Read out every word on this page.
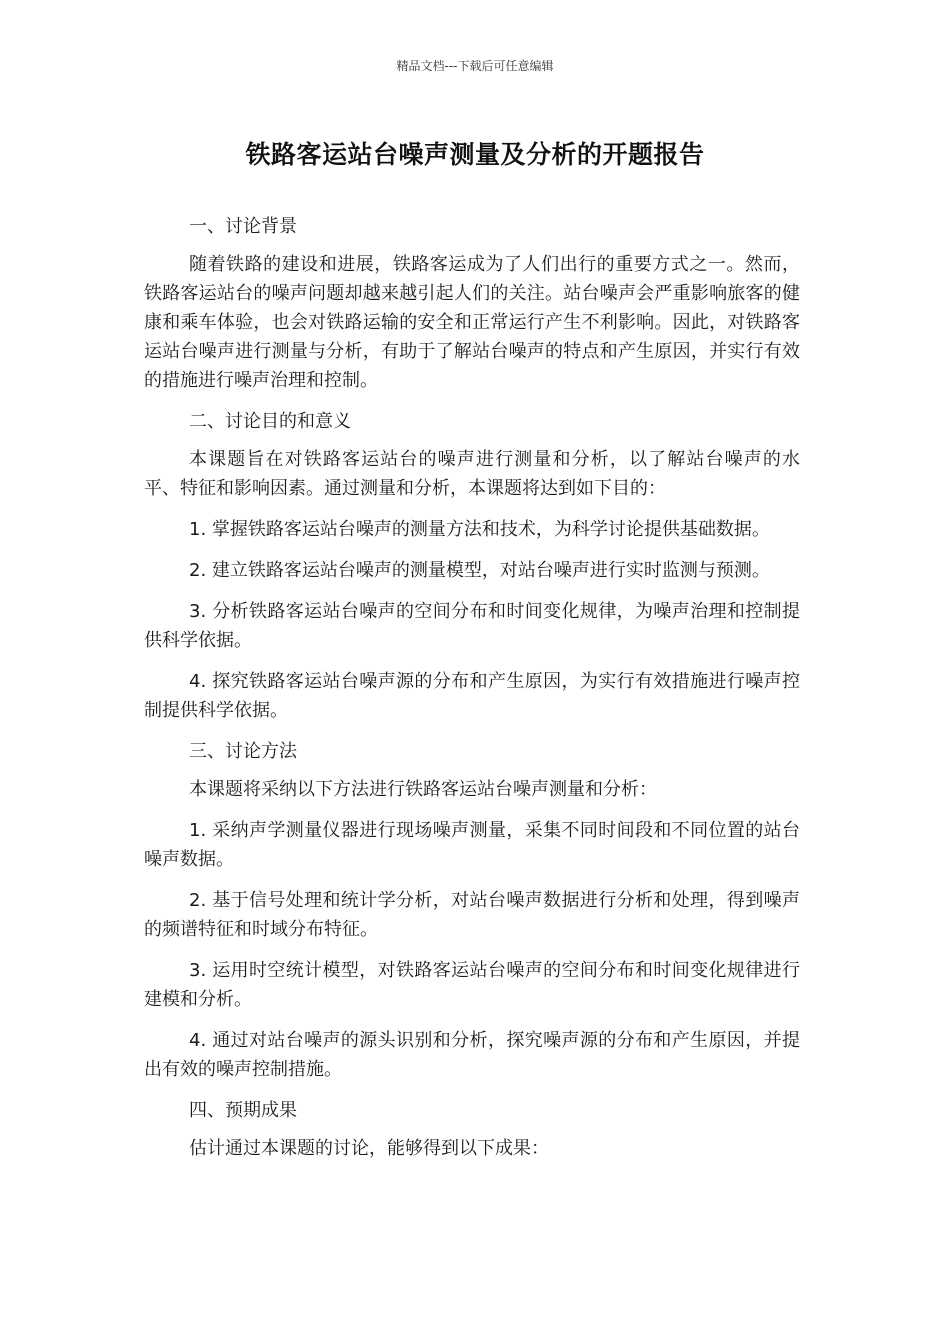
精品文档---下载后可任意编辑
铁路客运站台噪声测量及分析的开题报告

一、讨论背景

随着铁路的建设和进展，铁路客运成为了人们出行的重要方式之一。然而，铁路客运站台的噪声问题却越来越引起人们的关注。站台噪声会严重影响旅客的健康和乘车体验，也会对铁路运输的安全和正常运行产生不利影响。因此，对铁路客运站台噪声进行测量与分析，有助于了解站台噪声的特点和产生原因，并实行有效的措施进行噪声治理和控制。

二、讨论目的和意义

本课题旨在对铁路客运站台的噪声进行测量和分析，以了解站台噪声的水平、特征和影响因素。通过测量和分析，本课题将达到如下目的：

1. 掌握铁路客运站台噪声的测量方法和技术，为科学讨论提供基础数据。

2. 建立铁路客运站台噪声的测量模型，对站台噪声进行实时监测与预测。

3. 分析铁路客运站台噪声的空间分布和时间变化规律，为噪声治理和控制提供科学依据。

4. 探究铁路客运站台噪声源的分布和产生原因，为实行有效措施进行噪声控制提供科学依据。

三、讨论方法

本课题将采纳以下方法进行铁路客运站台噪声测量和分析：

1. 采纳声学测量仪器进行现场噪声测量，采集不同时间段和不同位置的站台噪声数据。

2. 基于信号处理和统计学分析，对站台噪声数据进行分析和处理，得到噪声的频谱特征和时域分布特征。

3. 运用时空统计模型，对铁路客运站台噪声的空间分布和时间变化规律进行建模和分析。

4. 通过对站台噪声的源头识别和分析，探究噪声源的分布和产生原因，并提出有效的噪声控制措施。

四、预期成果

估计通过本课题的讨论，能够得到以下成果：
